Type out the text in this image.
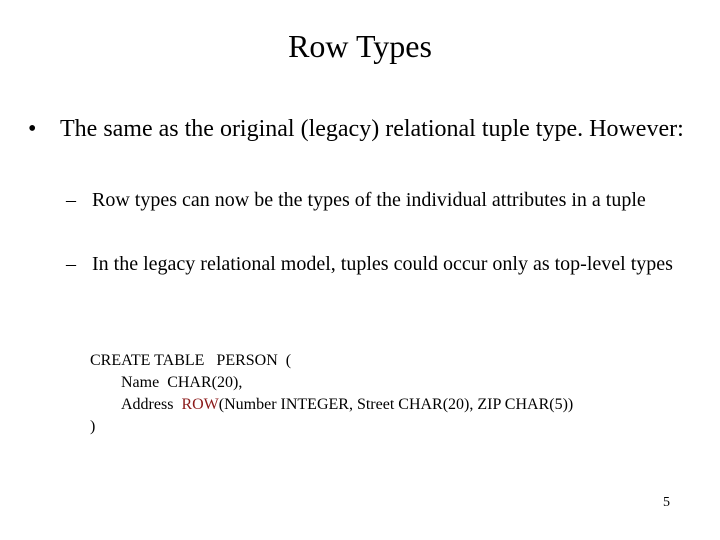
Row Types
• The same as the original (legacy) relational tuple type. However:
– Row types can now be the types of the individual attributes in a tuple
– In the legacy relational model, tuples could occur only as top-level types
CREATE TABLE   PERSON  (
Name  CHAR(20),
Address  ROW(Number INTEGER, Street CHAR(20), ZIP CHAR(5))
)
5
